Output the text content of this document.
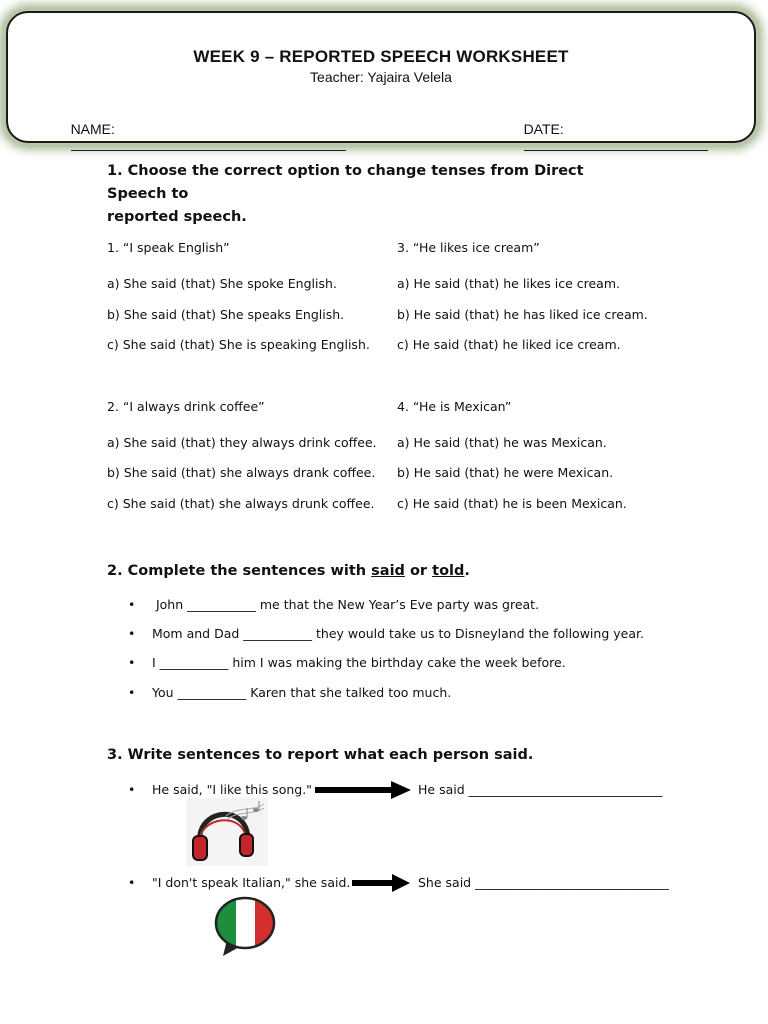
WEEK 9 – REPORTED SPEECH WORKSHEET
Teacher: Yajaira Velela

NAME:

	DATE:

1. Choose the correct option to change tenses from Direct Speech to
reported speech.
1. “I speak English”
a) She said (that) She spoke English.
b) She said (that) She speaks English.
c) She said (that) She is speaking English.
3. “He likes ice cream”
a) He said (that) he likes ice cream.
b) He said (that) he has liked ice cream.
c) He said (that) he liked ice cream.
2. “I always drink coffee”
a) She said (that) they always drink coffee.
b) She said (that) she always drank coffee.
c) She said (that) she always drunk coffee.
4. “He is Mexican”
a) He said (that) he was Mexican.
b) He said (that) he were Mexican.
c) He said (that) he is been Mexican.
2. Complete the sentences with said or told.
• John ___________ me that the New Year’s Eve party was great.
• Mom and Dad ___________ they would take us to Disneyland the following year.
• I ___________ him I was making the birthday cake the week before.
• You ___________ Karen that she talked too much.
3. Write sentences to report what each person said.
• He said, "I like this song."	He said _______________________________
• "I don't speak Italian," she said.	She said _______________________________
